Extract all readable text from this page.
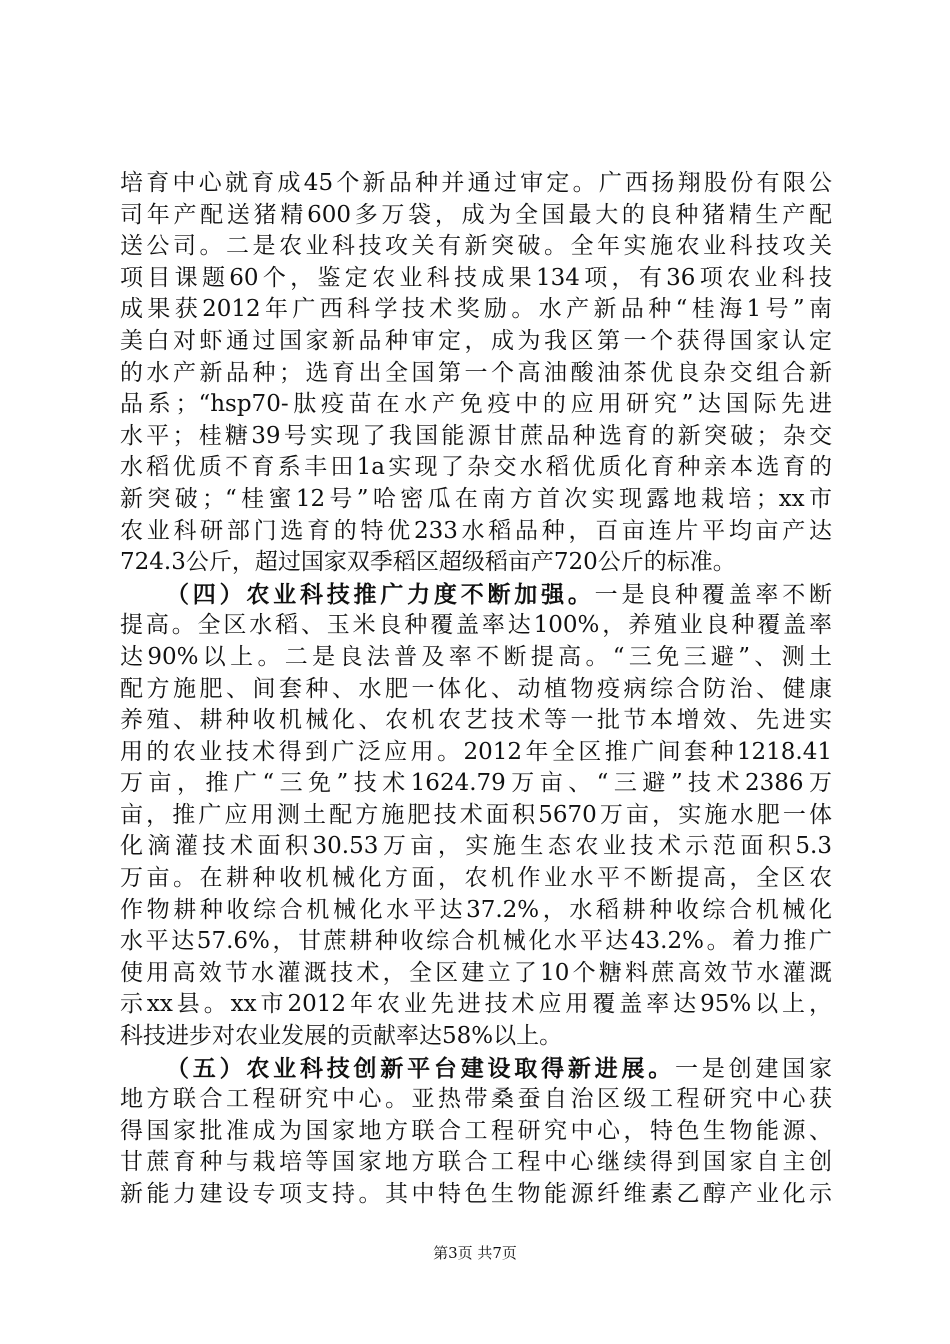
培育中心就育成45个新品种并通过审定。广西扬翔股份有限公
司年产配送猪精600多万袋，成为全国最大的良种猪精生产配
送公司。二是农业科技攻关有新突破。全年实施农业科技攻关
项目课题60个，鉴定农业科技成果134项，有36项农业科技
成果获2012年广西科学技术奖励。水产新品种“桂海1号”南
美白对虾通过国家新品种审定，成为我区第一个获得国家认定
的水产新品种；选育出全国第一个高油酸油茶优良杂交组合新
品系；“hsp70-肽疫苗在水产免疫中的应用研究”达国际先进
水平；桂糖39号实现了我国能源甘蔗品种选育的新突破；杂交
水稻优质不育系丰田1a实现了杂交水稻优质化育种亲本选育的
新突破；“桂蜜12号”哈密瓜在南方首次实现露地栽培；xx市
农业科研部门选育的特优233水稻品种，百亩连片平均亩产达
724.3公斤，超过国家双季稻区超级稻亩产720公斤的标准。
（四）农业科技推广力度不断加强。一是良种覆盖率不断
提高。全区水稻、玉米良种覆盖率达100%，养殖业良种覆盖率
达90%以上。二是良法普及率不断提高。“三免三避”、测土
配方施肥、间套种、水肥一体化、动植物疫病综合防治、健康
养殖、耕种收机械化、农机农艺技术等一批节本增效、先进实
用的农业技术得到广泛应用。2012年全区推广间套种1218.41
万亩，推广“三免”技术1624.79万亩、“三避”技术2386万
亩，推广应用测土配方施肥技术面积5670万亩，实施水肥一体
化滴灌技术面积30.53万亩，实施生态农业技术示范面积5.3
万亩。在耕种收机械化方面，农机作业水平不断提高，全区农
作物耕种收综合机械化水平达37.2%，水稻耕种收综合机械化
水平达57.6%，甘蔗耕种收综合机械化水平达43.2%。着力推广
使用高效节水灌溉技术，全区建立了10个糖料蔗高效节水灌溉
示xx县。xx市2012年农业先进技术应用覆盖率达95%以上，
科技进步对农业发展的贡献率达58%以上。
（五）农业科技创新平台建设取得新进展。一是创建国家
地方联合工程研究中心。亚热带桑蚕自治区级工程研究中心获
得国家批准成为国家地方联合工程研究中心，特色生物能源、
甘蔗育种与栽培等国家地方联合工程中心继续得到国家自主创
新能力建设专项支持。其中特色生物能源纤维素乙醇产业化示
第3页 共7页
